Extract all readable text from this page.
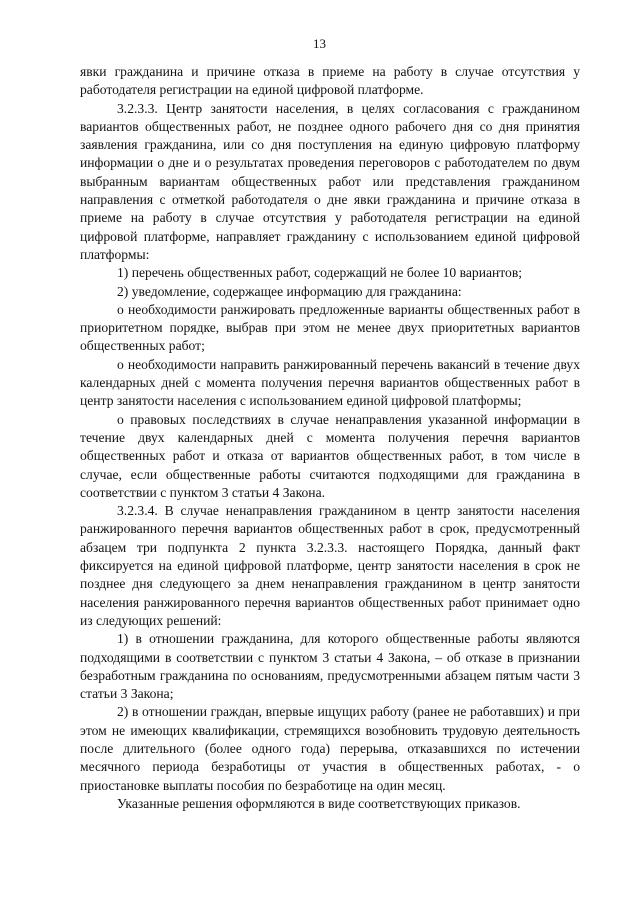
13

явки гражданина и причине отказа в приеме на работу в случае отсутствия у работодателя регистрации на единой цифровой платформе.

3.2.3.3. Центр занятости населения, в целях согласования с гражданином вариантов общественных работ, не позднее одного рабочего дня со дня принятия заявления гражданина, или со дня поступления на единую цифровую платформу информации о дне и о результатах проведения переговоров с работодателем по двум выбранным вариантам общественных работ или представления гражданином направления с отметкой работодателя о дне явки гражданина и причине отказа в приеме на работу в случае отсутствия у работодателя регистрации на единой цифровой платформе, направляет гражданину с использованием единой цифровой платформы:

1) перечень общественных работ, содержащий не более 10 вариантов;

2) уведомление, содержащее информацию для гражданина:

о необходимости ранжировать предложенные варианты общественных работ в приоритетном порядке, выбрав при этом не менее двух приоритетных вариантов общественных работ;

о необходимости направить ранжированный перечень вакансий в течение двух календарных дней с момента получения перечня вариантов общественных работ в центр занятости населения с использованием единой цифровой платформы;

о правовых последствиях в случае ненаправления указанной информации в течение двух календарных дней с момента получения перечня вариантов общественных работ и отказа от вариантов общественных работ, в том числе в случае, если общественные работы считаются подходящими для гражданина в соответствии с пунктом 3 статьи 4 Закона.

3.2.3.4. В случае ненаправления гражданином в центр занятости населения ранжированного перечня вариантов общественных работ в срок, предусмотренный абзацем три подпункта 2 пункта 3.2.3.3. настоящего Порядка, данный факт фиксируется на единой цифровой платформе, центр занятости населения в срок не позднее дня следующего за днем ненаправления гражданином в центр занятости населения ранжированного перечня вариантов общественных работ принимает одно из следующих решений:

1) в отношении гражданина, для которого общественные работы являются подходящими в соответствии с пунктом 3 статьи 4 Закона, – об отказе в признании безработным гражданина по основаниям, предусмотренными абзацем пятым части 3 статьи 3 Закона;

2) в отношении граждан, впервые ищущих работу (ранее не работавших) и при этом не имеющих квалификации, стремящихся возобновить трудовую деятельность после длительного (более одного года) перерыва, отказавшихся по истечении месячного периода безработицы от участия в общественных работах, - о приостановке выплаты пособия по безработице на один месяц.

Указанные решения оформляются в виде соответствующих приказов.
